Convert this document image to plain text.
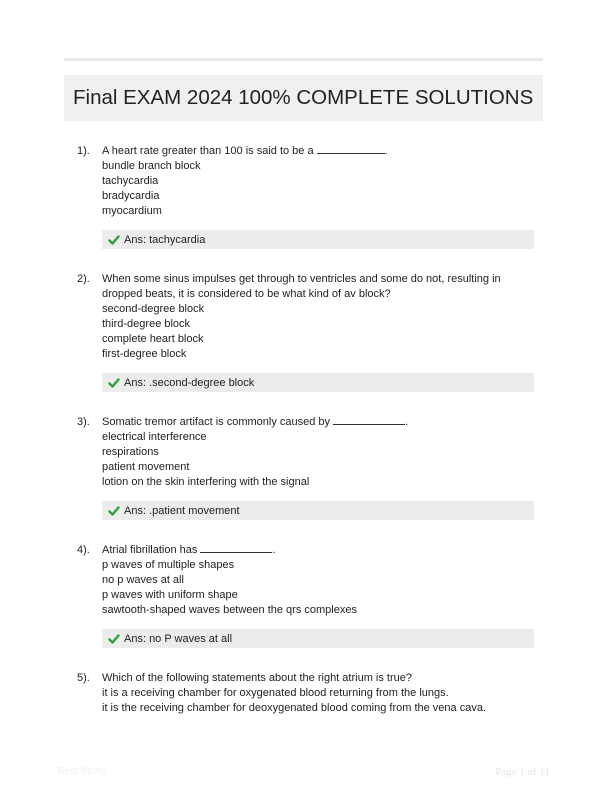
Final EXAM 2024 100% COMPLETE SOLUTIONS
1). A heart rate greater than 100 is said to be a	.

bundle branch block

tachycardia

bradycardia

myocardium

Ans: tachycardia
2). When some sinus impulses get through to ventricles and some do not, resulting in dropped beats, it is considered to be what kind of av block?

second-degree block

third-degree block

complete heart block

first-degree block

Ans: .second-degree block
3). Somatic tremor artifact is commonly caused by	.

electrical interference

respirations

patient movement

lotion on the skin interfering with the signal

Ans: .patient movement
4). Atrial fibrillation has	.

p waves of multiple shapes

no p waves at all

p waves with uniform shape

sawtooth-shaped waves between the qrs complexes

Ans: no P waves at all
5). Which of the following statements about the right atrium is true?

it is a receiving chamber for oxygenated blood returning from the lungs.

it is the receiving chamber for deoxygenated blood coming from the vena cava.

Best Study	Page 1 of 11
